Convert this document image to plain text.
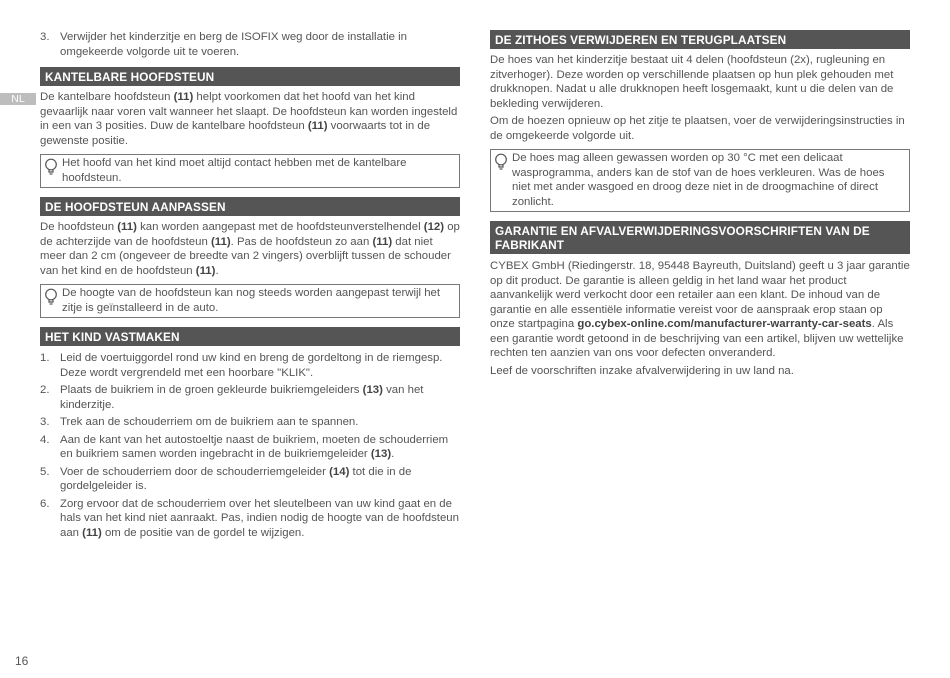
NL
3. Verwijder het kinderzitje en berg de ISOFIX weg door de installatie in omgekeerde volgorde uit te voeren.
KANTELBARE HOOFDSTEUN

De kantelbare hoofdsteun (11) helpt voorkomen dat het hoofd van het kind gevaarlijk naar voren valt wanneer het slaapt. De hoofdsteun kan worden ingesteld in een van 3 posities. Duw de kantelbare hoofdsteun (11) voorwaarts tot in de gewenste positie.

Het hoofd van het kind moet altijd contact hebben met de kantelbare hoofdsteun.
DE HOOFDSTEUN AANPASSEN

De hoofdsteun (11) kan worden aangepast met de hoofdsteunverstelhendel (12) op de achterzijde van de hoofdsteun (11). Pas de hoofdsteun zo aan (11) dat niet meer dan 2 cm (ongeveer de breedte van 2 vingers) overblijft tussen de schouder van het kind en de hoofdsteun (11).

De hoogte van de hoofdsteun kan nog steeds worden aangepast terwijl het zitje is geïnstalleerd in de auto.
HET KIND VASTMAKEN
1. Leid de voertuiggordel rond uw kind en breng de gordeltong in de riemgesp. Deze wordt vergrendeld met een hoorbare "KLIK".
2. Plaats de buikriem in de groen gekleurde buikriemgeleiders (13) van het kinderzitje.
3. Trek aan de schouderriem om de buikriem aan te spannen.
4. Aan de kant van het autostoeltje naast de buikriem, moeten de schouderriem en buikriem samen worden ingebracht in de buikriemgeleider (13).
5. Voer de schouderriem door de schouderriemgeleider (14) tot die in de gordelgeleider is.
6. Zorg ervoor dat de schouderriem over het sleutelbeen van uw kind gaat en de hals van het kind niet aanraakt. Pas, indien nodig de hoogte van de hoofdsteun aan (11) om de positie van de gordel te wijzigen.
DE ZITHOES VERWIJDEREN EN TERUGPLAATSEN

De hoes van het kinderzitje bestaat uit 4 delen (hoofdsteun (2x), rugleuning en zitverhoger). Deze worden op verschillende plaatsen op hun plek gehouden met drukknopen. Nadat u alle drukknopen heeft losgemaakt, kunt u die delen van de bekleding verwijderen.

Om de hoezen opnieuw op het zitje te plaatsen, voer de verwijderingsinstructies in de omgekeerde volgorde uit.

De hoes mag alleen gewassen worden op 30 °C met een delicaat wasprogramma, anders kan de stof van de hoes verkleuren. Was de hoes niet met ander wasgoed en droog deze niet in de droogmachine of direct zonlicht.
GARANTIE EN AFVALVERWIJDERINGSVOORSCHRIFTEN VAN DE FABRIKANT

CYBEX GmbH (Riedingerstr. 18, 95448 Bayreuth, Duitsland) geeft u 3 jaar garantie op dit product. De garantie is alleen geldig in het land waar het product aanvankelijk werd verkocht door een retailer aan een klant. De inhoud van de garantie en alle essentiële informatie vereist voor de aanspraak erop staan op onze startpagina go.cybex-online.com/manufacturer-warranty-car-seats. Als een garantie wordt getoond in de beschrijving van een artikel, blijven uw wettelijke rechten ten aanzien van ons voor defecten onveranderd.

Leef de voorschriften inzake afvalverwijdering in uw land na.

16
